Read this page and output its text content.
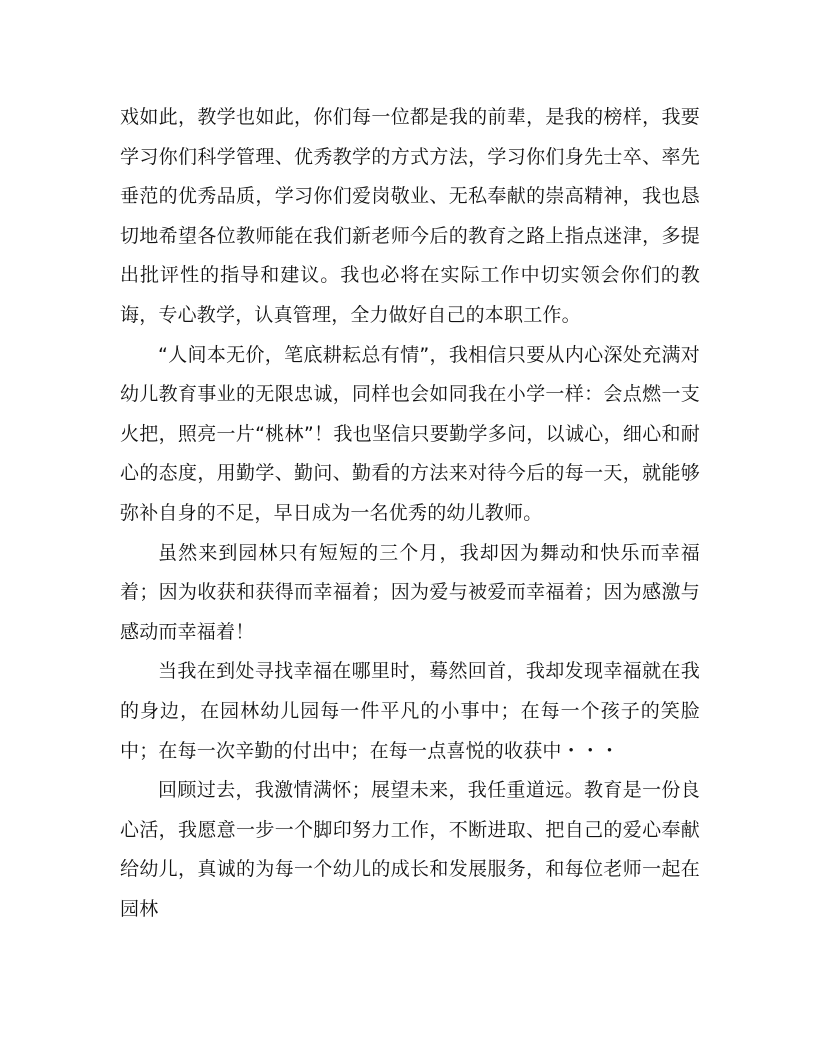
戏如此，教学也如此，你们每一位都是我的前辈，是我的榜样，我要学习你们科学管理、优秀教学的方式方法，学习你们身先士卒、率先垂范的优秀品质，学习你们爱岗敬业、无私奉献的崇高精神，我也恳切地希望各位教师能在我们新老师今后的教育之路上指点迷津，多提出批评性的指导和建议。我也必将在实际工作中切实领会你们的教诲，专心教学，认真管理，全力做好自己的本职工作。

“人间本无价，笔底耕耘总有情”，我相信只要从内心深处充满对幼儿教育事业的无限忠诚，同样也会如同我在小学一样：会点燃一支火把，照亮一片“桃林”！我也坚信只要勤学多问，以诚心，细心和耐心的态度，用勤学、勤问、勤看的方法来对待今后的每一天，就能够弥补自身的不足，早日成为一名优秀的幼儿教师。

虽然来到园林只有短短的三个月，我却因为舞动和快乐而幸福着；因为收获和获得而幸福着；因为爱与被爱而幸福着；因为感激与感动而幸福着！

当我在到处寻找幸福在哪里时，蓦然回首，我却发现幸福就在我的身边，在园林幼儿园每一件平凡的小事中；在每一个孩子的笑脸中；在每一次辛勤的付出中；在每一点喜悦的收获中・・・

回顾过去，我激情满怀；展望未来，我任重道远。教育是一份良心活，我愿意一步一个脚印努力工作，不断进取、把自己的爱心奉献给幼儿，真诚的为每一个幼儿的成长和发展服务，和每位老师一起在园林
